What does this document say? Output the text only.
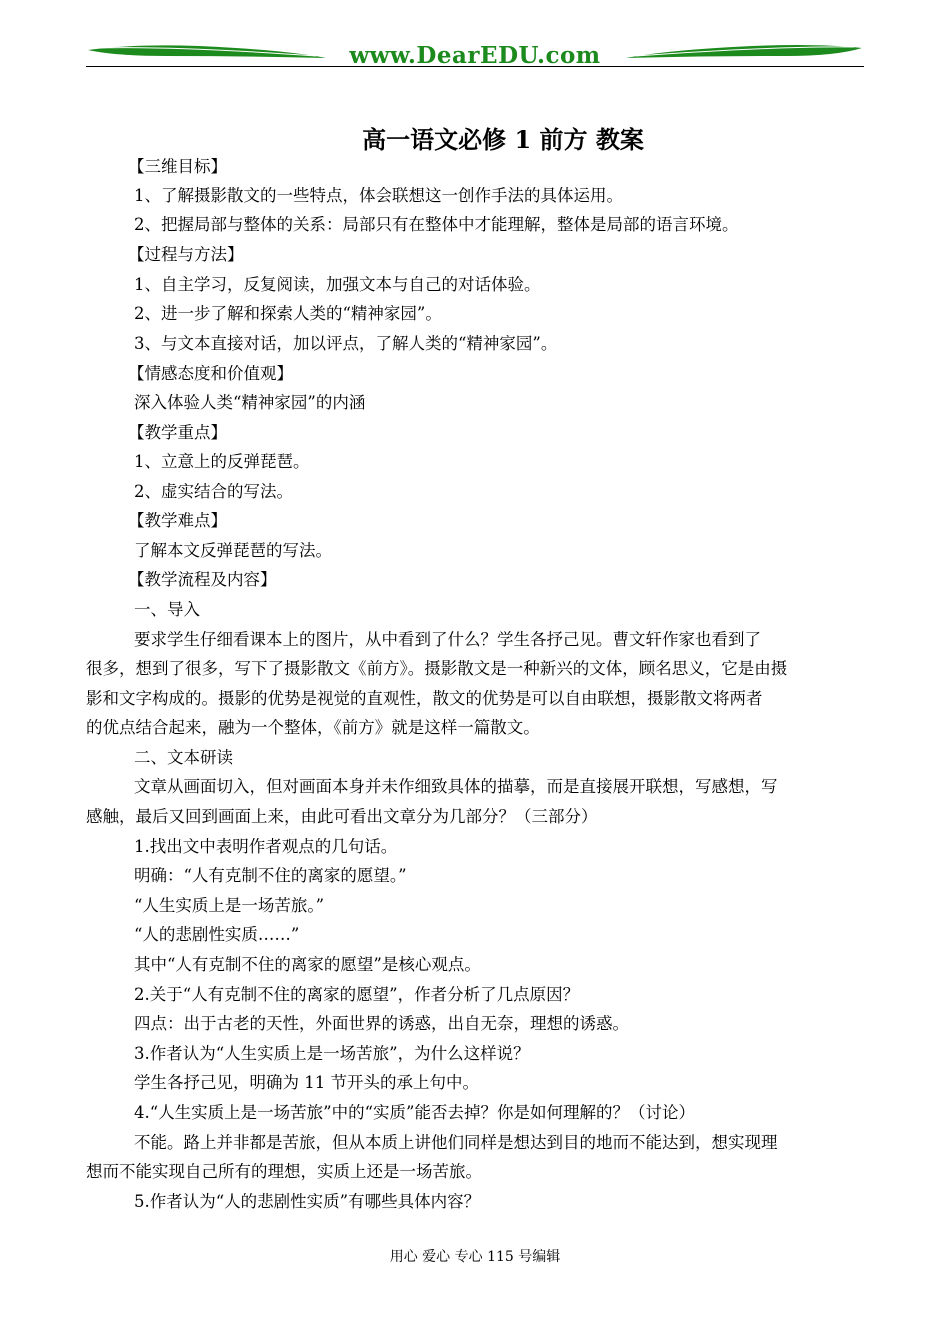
www.DearEDU.com
高一语文必修 1 前方 教案
【三维目标】
1、了解摄影散文的一些特点，体会联想这一创作手法的具体运用。
2、把握局部与整体的关系：局部只有在整体中才能理解，整体是局部的语言环境。
【过程与方法】
1、自主学习，反复阅读，加强文本与自己的对话体验。
2、进一步了解和探索人类的“精神家园”。
3、与文本直接对话，加以评点，了解人类的“精神家园”。
【情感态度和价值观】
深入体验人类“精神家园”的内涵
【教学重点】
1、立意上的反弹琵琶。
2、虚实结合的写法。
【教学难点】
了解本文反弹琵琶的写法。
【教学流程及内容】
一、导入
要求学生仔细看课本上的图片，从中看到了什么？学生各抒己见。曹文轩作家也看到了
很多，想到了很多，写下了摄影散文《前方》。摄影散文是一种新兴的文体，顾名思义，它是由摄
影和文字构成的。摄影的优势是视觉的直观性，散文的优势是可以自由联想，摄影散文将两者
的优点结合起来，融为一个整体，《前方》就是这样一篇散文。
二、文本研读
文章从画面切入，但对画面本身并未作细致具体的描摹，而是直接展开联想，写感想，写
感触，最后又回到画面上来，由此可看出文章分为几部分？（三部分）
1.找出文中表明作者观点的几句话。
明确：“人有克制不住的离家的愿望。”
“人生实质上是一场苦旅。”
“人的悲剧性实质……”
其中“人有克制不住的离家的愿望”是核心观点。
2.关于“人有克制不住的离家的愿望”，作者分析了几点原因？
四点：出于古老的天性，外面世界的诱惑，出自无奈，理想的诱惑。
3.作者认为“人生实质上是一场苦旅”，为什么这样说？
学生各抒己见，明确为 11 节开头的承上句中。
4.“人生实质上是一场苦旅”中的“实质”能否去掉？你是如何理解的？（讨论）
不能。路上并非都是苦旅，但从本质上讲他们同样是想达到目的地而不能达到，想实现理
想而不能实现自己所有的理想，实质上还是一场苦旅。
5.作者认为“人的悲剧性实质”有哪些具体内容？
用心 爱心 专心 115 号编辑
